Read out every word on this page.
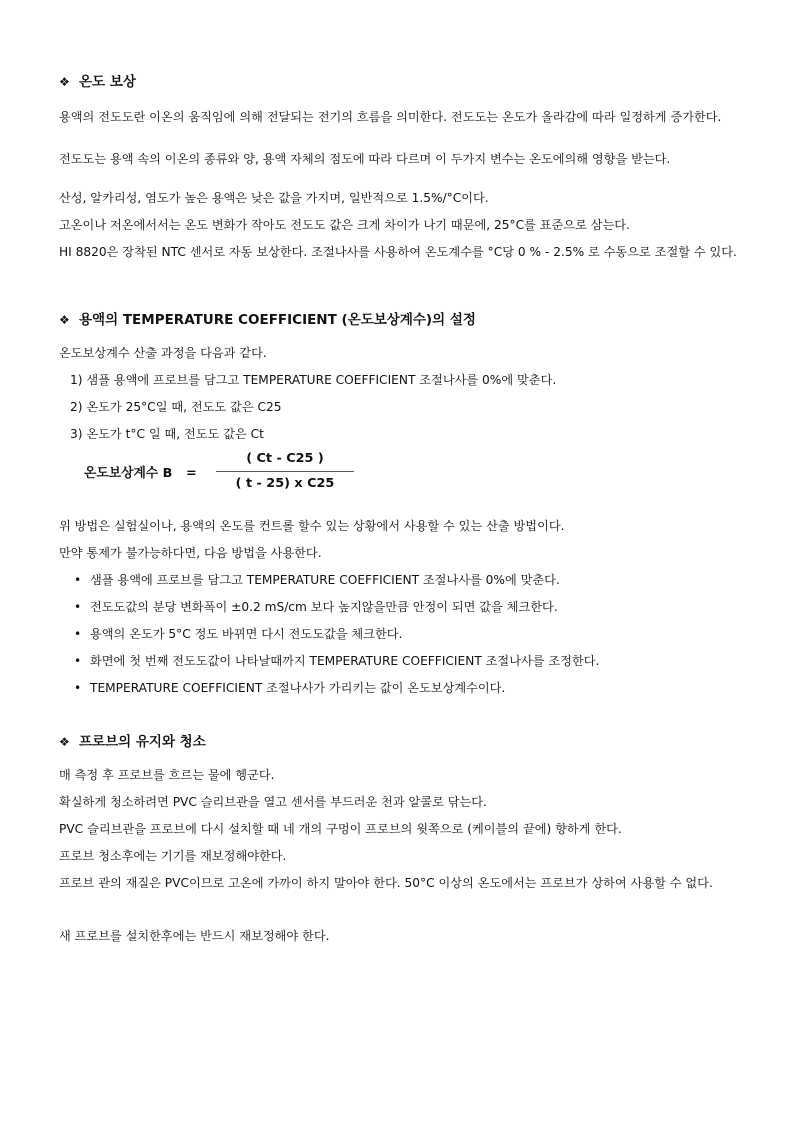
❖ 온도 보상
용액의 전도도란 이온의 움직임에 의해 전달되는 전기의 흐름을 의미한다. 전도도는 온도가 올라감에 따라 일정하게 증가한다.
전도도는 용액 속의 이온의 종류와 양, 용액 자체의 점도에 따라 다르며 이 두가지 변수는 온도에의해 영향을 받는다.
산성, 알카리성, 염도가 높은 용액은 낮은 값을 가지며, 일반적으로 1.5%/°C이다.
고온이나 저온에서서는 온도 변화가 작아도 전도도 값은 크게 차이가 나기 때문에, 25°C를 표준으로 삼는다.
HI 8820은 장착된 NTC 센서로 자동 보상한다. 조절나사를 사용하여 온도계수를 °C당 0 % - 2.5% 로 수동으로 조절할 수 있다.
❖ 용액의 TEMPERATURE COEFFICIENT (온도보상계수)의 설정
온도보상계수 산출 과정을 다음과 같다.
1) 샘플 용액에 프로브를 담그고 TEMPERATURE COEFFICIENT 조절나사를 0%에 맞춘다.
2) 온도가 25°C일 때, 전도도 값은 C25
3) 온도가 t°C 일 때, 전도도 값은 Ct
온도보상계수 B =
( Ct - C25 )
( t - 25) x C25
위 방법은 실험실이나, 용액의 온도를 컨트롤 할수 있는 상황에서 사용할 수 있는 산출 방법이다.
만약 통제가 불가능하다면, 다음 방법을 사용한다.
• 샘플 용액에 프로브를 담그고 TEMPERATURE COEFFICIENT 조절나사를 0%에 맞춘다.
• 전도도값의 분당 변화폭이 ±0.2 mS/cm 보다 높지않을만큼 안정이 되면 값을 체크한다.
• 용액의 온도가 5°C 정도 바뀌면 다시 전도도값을 체크한다.
• 화면에 첫 번째 전도도값이 나타날때까지 TEMPERATURE COEFFICIENT 조절나사를 조정한다.
• TEMPERATURE COEFFICIENT 조절나사가 가리키는 값이 온도보상계수이다.
❖ 프로브의 유지와 청소
매 측정 후 프로브를 흐르는 물에 헹군다.
확실하게 청소하려면 PVC 슬리브관을 열고 센서를 부드러운 천과 알콜로 닦는다.
PVC 슬리브관을 프로브에 다시 설치할 때 네 개의 구멍이 프로브의 윗쪽으로 (케이블의 끝에) 향하게 한다.
프로브 청소후에는 기기를 재보정해야한다.
프로브 관의 재질은 PVC이므로 고온에 가까이 하지 말아야 한다. 50°C 이상의 온도에서는 프로브가 상하여 사용할 수 없다.
새 프로브를 설치한후에는 반드시 재보정해야 한다.
